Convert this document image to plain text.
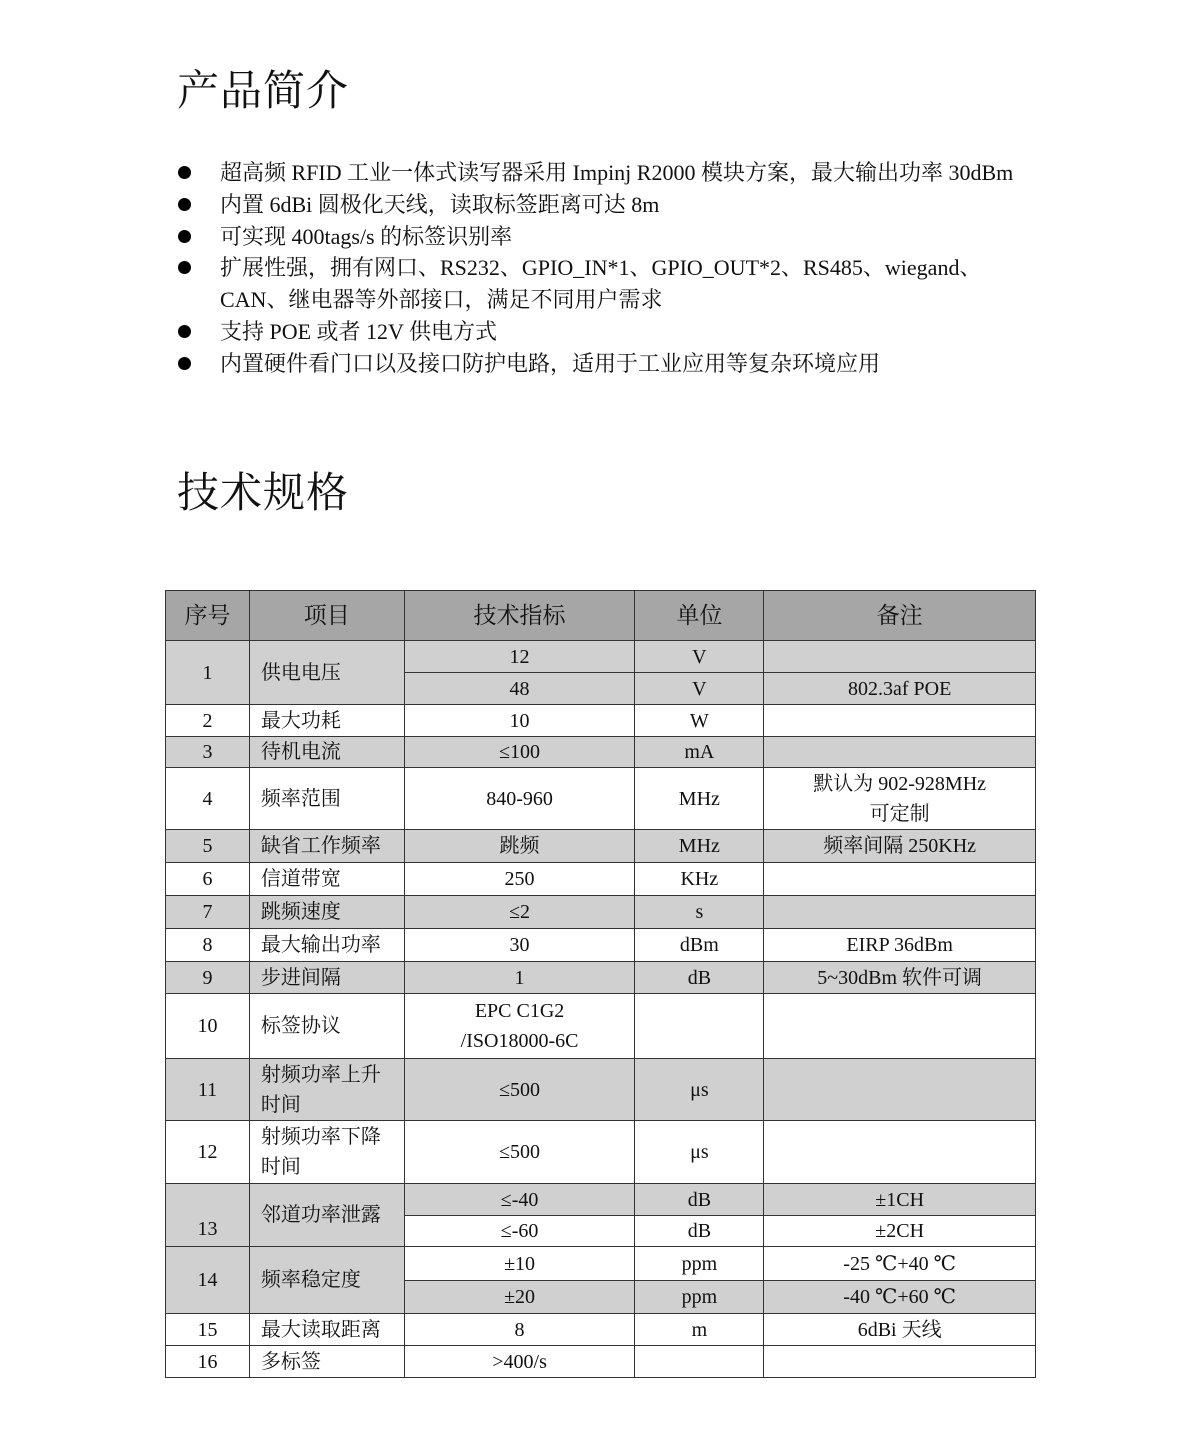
产品简介
超高频 RFID 工业一体式读写器采用 Impinj R2000 模块方案，最大输出功率 30dBm
内置 6dBi 圆极化天线，读取标签距离可达 8m
可实现 400tags/s 的标签识别率
扩展性强，拥有网口、RS232、GPIO_IN*1、GPIO_OUT*2、RS485、wiegand、CAN、继电器等外部接口，满足不同用户需求
支持 POE 或者 12V 供电方式
内置硬件看门口以及接口防护电路，适用于工业应用等复杂环境应用
技术规格
序号	项目	技术指标	单位	备注
1	供电电压	12	V	
		48	V	802.3af POE
2	最大功耗	10	W	
3	待机电流	≤100	mA	
4	频率范围	840-960	MHz	默认为 902-928MHz
可定制

5	缺省工作频率	跳频	MHz	频率间隔 250KHz
6	信道带宽	250	KHz	
7	跳频速度	≤2	s	
8	最大输出功率	30	dBm	EIRP 36dBm
9	步进间隔	1	dB	5~30dBm 软件可调
10	标签协议	EPC C1G2
/ISO18000-6C		

11	射频功率上升
时间	≤500	μs	
12	射频功率下降
时间	≤500	μs	
13	邻道功率泄露	≤-40	dB	±1CH
		≤-60	dB	±2CH
14	频率稳定度	±10	ppm	-25 ℃+40 ℃
		±20	ppm	-40 ℃+60 ℃
15	最大读取距离	8	m	6dBi 天线
16	多标签	>400/s		
